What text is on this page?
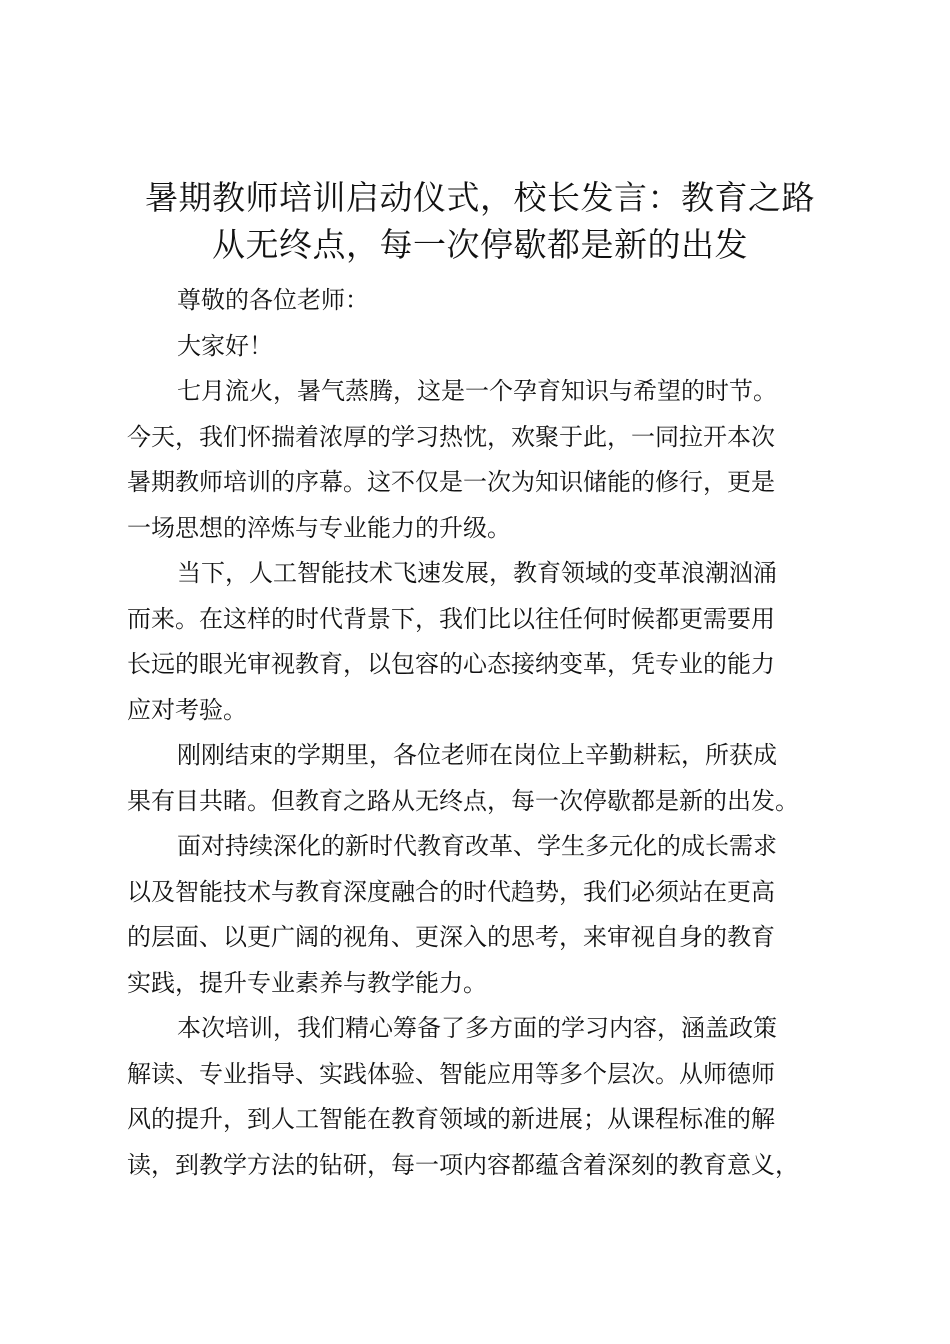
暑期教师培训启动仪式，校长发言：教育之路
从无终点，每一次停歇都是新的出发

尊敬的各位老师：

大家好！

七月流火，暑气蒸腾，这是一个孕育知识与希望的时节。
今天，我们怀揣着浓厚的学习热忱，欢聚于此，一同拉开本次
暑期教师培训的序幕。这不仅是一次为知识储能的修行，更是
一场思想的淬炼与专业能力的升级。

当下，人工智能技术飞速发展，教育领域的变革浪潮汹涌
而来。在这样的时代背景下，我们比以往任何时候都更需要用
长远的眼光审视教育，以包容的心态接纳变革，凭专业的能力
应对考验。

刚刚结束的学期里，各位老师在岗位上辛勤耕耘，所获成
果有目共睹。但教育之路从无终点，每一次停歇都是新的出发。

面对持续深化的新时代教育改革、学生多元化的成长需求
以及智能技术与教育深度融合的时代趋势，我们必须站在更高
的层面、以更广阔的视角、更深入的思考，来审视自身的教育
实践，提升专业素养与教学能力。

本次培训，我们精心筹备了多方面的学习内容，涵盖政策
解读、专业指导、实践体验、智能应用等多个层次。从师德师
风的提升，到人工智能在教育领域的新进展；从课程标准的解
读，到教学方法的钻研，每一项内容都蕴含着深刻的教育意义，
